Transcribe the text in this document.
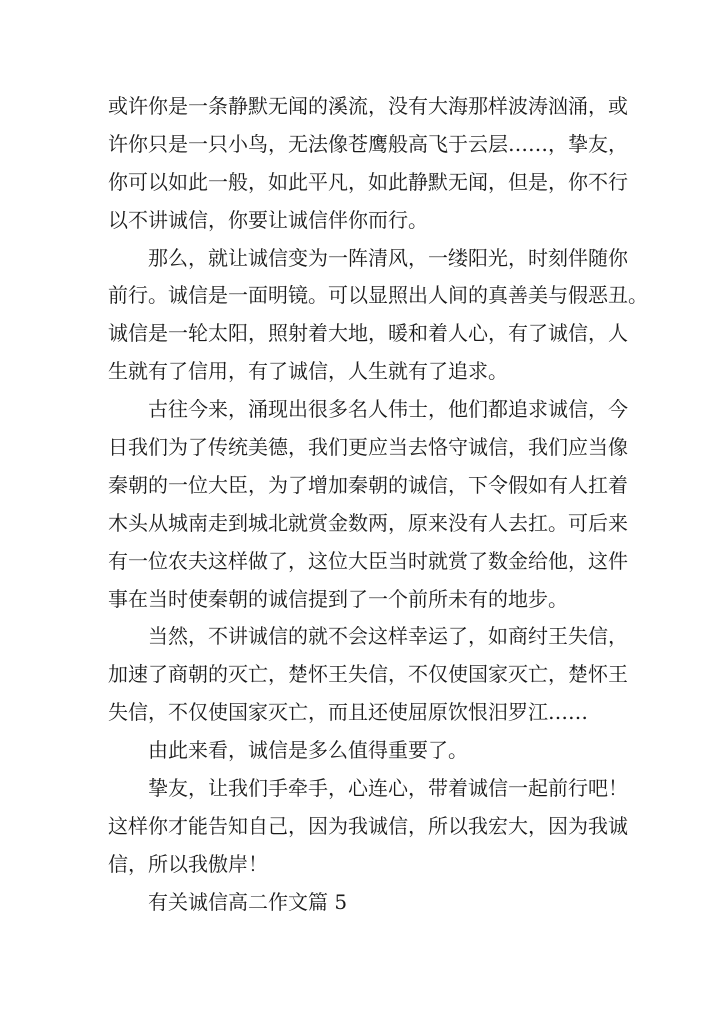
或许你是一条静默无闻的溪流，没有大海那样波涛汹涌，或
许你只是一只小鸟，无法像苍鹰般高飞于云层……，挚友，
你可以如此一般，如此平凡，如此静默无闻，但是，你不行
以不讲诚信，你要让诚信伴你而行。
那么，就让诚信变为一阵清风，一缕阳光，时刻伴随你
前行。诚信是一面明镜。可以显照出人间的真善美与假恶丑。
诚信是一轮太阳，照射着大地，暖和着人心，有了诚信，人
生就有了信用，有了诚信，人生就有了追求。
古往今来，涌现出很多名人伟士，他们都追求诚信，今
日我们为了传统美德，我们更应当去恪守诚信，我们应当像
秦朝的一位大臣，为了增加秦朝的诚信，下令假如有人扛着
木头从城南走到城北就赏金数两，原来没有人去扛。可后来
有一位农夫这样做了，这位大臣当时就赏了数金给他，这件
事在当时使秦朝的诚信提到了一个前所未有的地步。
当然，不讲诚信的就不会这样幸运了，如商纣王失信，
加速了商朝的灭亡，楚怀王失信，不仅使国家灭亡，楚怀王
失信，不仅使国家灭亡，而且还使屈原饮恨汨罗江……
由此来看，诚信是多么值得重要了。
挚友，让我们手牵手，心连心，带着诚信一起前行吧！
这样你才能告知自己，因为我诚信，所以我宏大，因为我诚
信，所以我傲岸！
有关诚信高二作文篇 5
